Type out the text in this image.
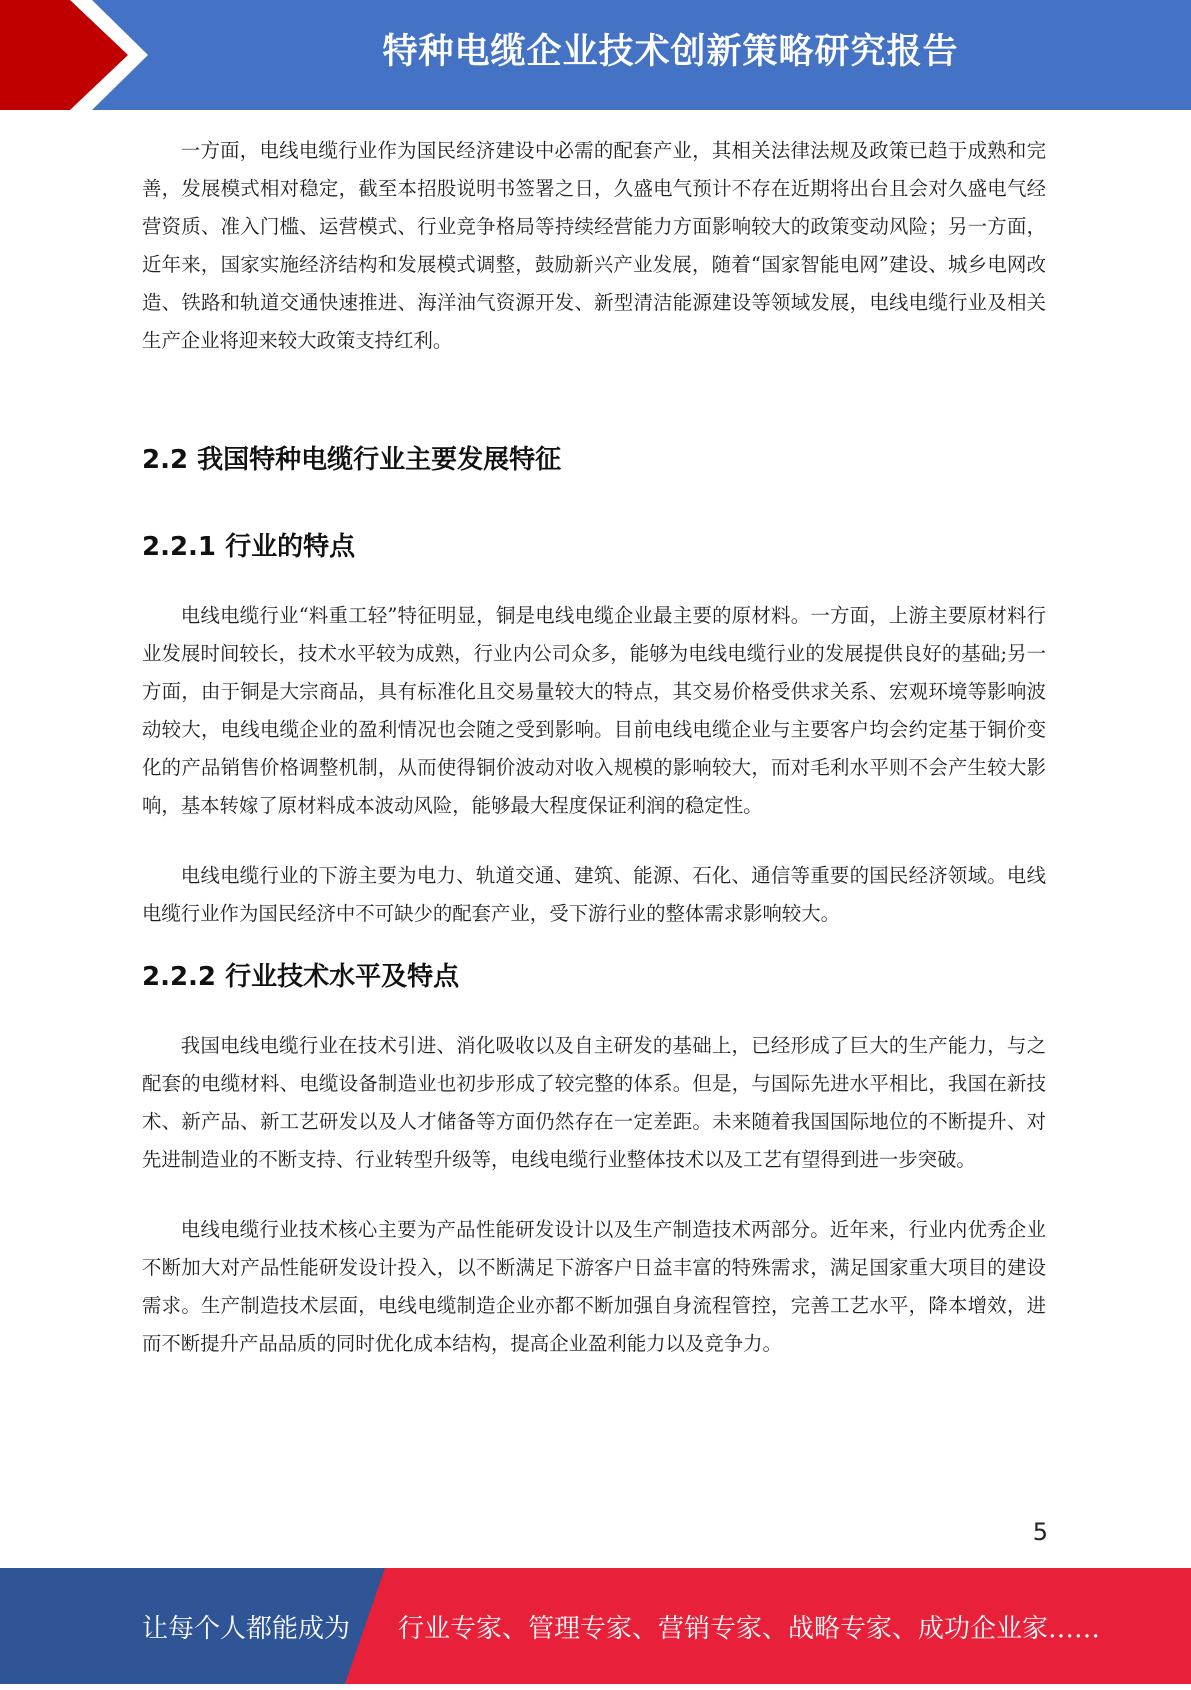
特种电缆企业技术创新策略研究报告

一方面，电线电缆行业作为国民经济建设中必需的配套产业，其相关法律法规及政策已趋于成熟和完善，发展模式相对稳定，截至本招股说明书签署之日，久盛电气预计不存在近期将出台且会对久盛电气经营资质、准入门槛、运营模式、行业竞争格局等持续经营能力方面影响较大的政策变动风险；另一方面，近年来，国家实施经济结构和发展模式调整，鼓励新兴产业发展，随着“国家智能电网”建设、城乡电网改造、铁路和轨道交通快速推进、海洋油气资源开发、新型清洁能源建设等领域发展，电线电缆行业及相关生产企业将迎来较大政策支持红利。

2.2 我国特种电缆行业主要发展特征
2.2.1 行业的特点

电线电缆行业“料重工轻”特征明显，铜是电线电缆企业最主要的原材料。一方面，上游主要原材料行业发展时间较长，技术水平较为成熟，行业内公司众多，能够为电线电缆行业的发展提供良好的基础;另一方面，由于铜是大宗商品，具有标准化且交易量较大的特点，其交易价格受供求关系、宏观环境等影响波动较大，电线电缆企业的盈利情况也会随之受到影响。目前电线电缆企业与主要客户均会约定基于铜价变化的产品销售价格调整机制，从而使得铜价波动对收入规模的影响较大，而对毛利水平则不会产生较大影响，基本转嫁了原材料成本波动风险，能够最大程度保证利润的稳定性。

电线电缆行业的下游主要为电力、轨道交通、建筑、能源、石化、通信等重要的国民经济领域。电线电缆行业作为国民经济中不可缺少的配套产业，受下游行业的整体需求影响较大。

2.2.2 行业技术水平及特点

我国电线电缆行业在技术引进、消化吸收以及自主研发的基础上，已经形成了巨大的生产能力，与之配套的电缆材料、电缆设备制造业也初步形成了较完整的体系。但是，与国际先进水平相比，我国在新技术、新产品、新工艺研发以及人才储备等方面仍然存在一定差距。未来随着我国国际地位的不断提升、对先进制造业的不断支持、行业转型升级等，电线电缆行业整体技术以及工艺有望得到进一步突破。

电线电缆行业技术核心主要为产品性能研发设计以及生产制造技术两部分。近年来，行业内优秀企业不断加大对产品性能研发设计投入，以不断满足下游客户日益丰富的特殊需求，满足国家重大项目的建设需求。生产制造技术层面，电线电缆制造企业亦都不断加强自身流程管控，完善工艺水平，降本增效，进而不断提升产品品质的同时优化成本结构，提高企业盈利能力以及竞争力。

5
让每个人都能成为 行业专家、管理专家、营销专家、战略专家、成功企业家……
